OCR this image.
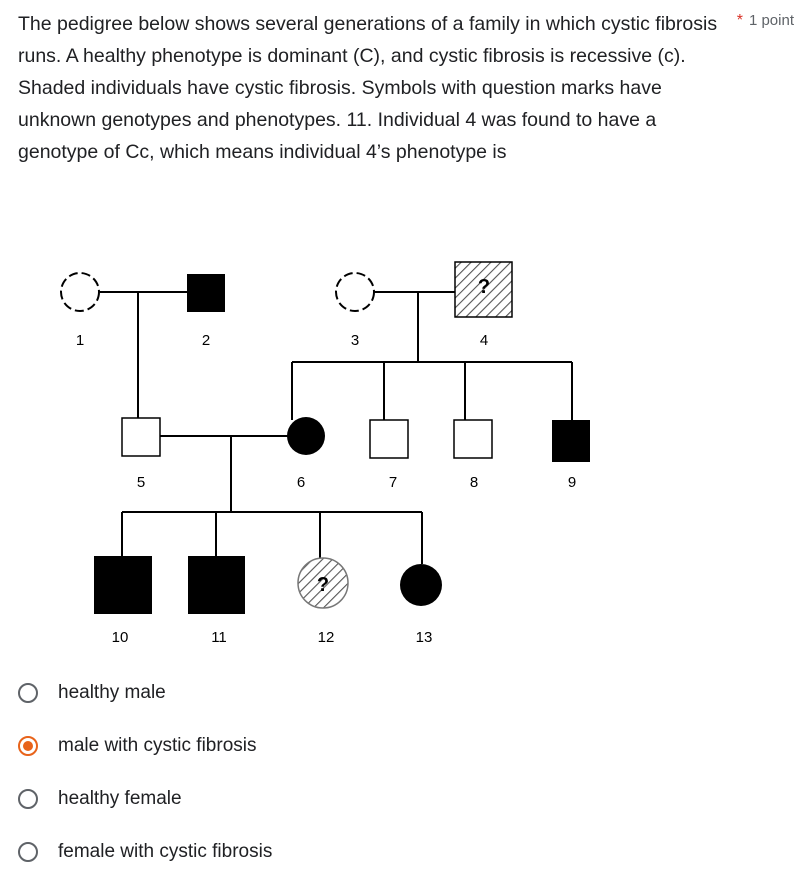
The pedigree below shows several generations of a family in which cystic fibrosis runs. A healthy phenotype is dominant (C), and cystic fibrosis is recessive (c). Shaded individuals have cystic fibrosis. Symbols with question marks have unknown genotypes and phenotypes. 11. Individual 4 was found to have a genotype of Cc, which means individual 4’s phenotype is

* 1 point
1	2	3
?
4
5	6	7	8	9
10	11
?
12	13
healthy male
male with cystic fibrosis
healthy female
female with cystic fibrosis
